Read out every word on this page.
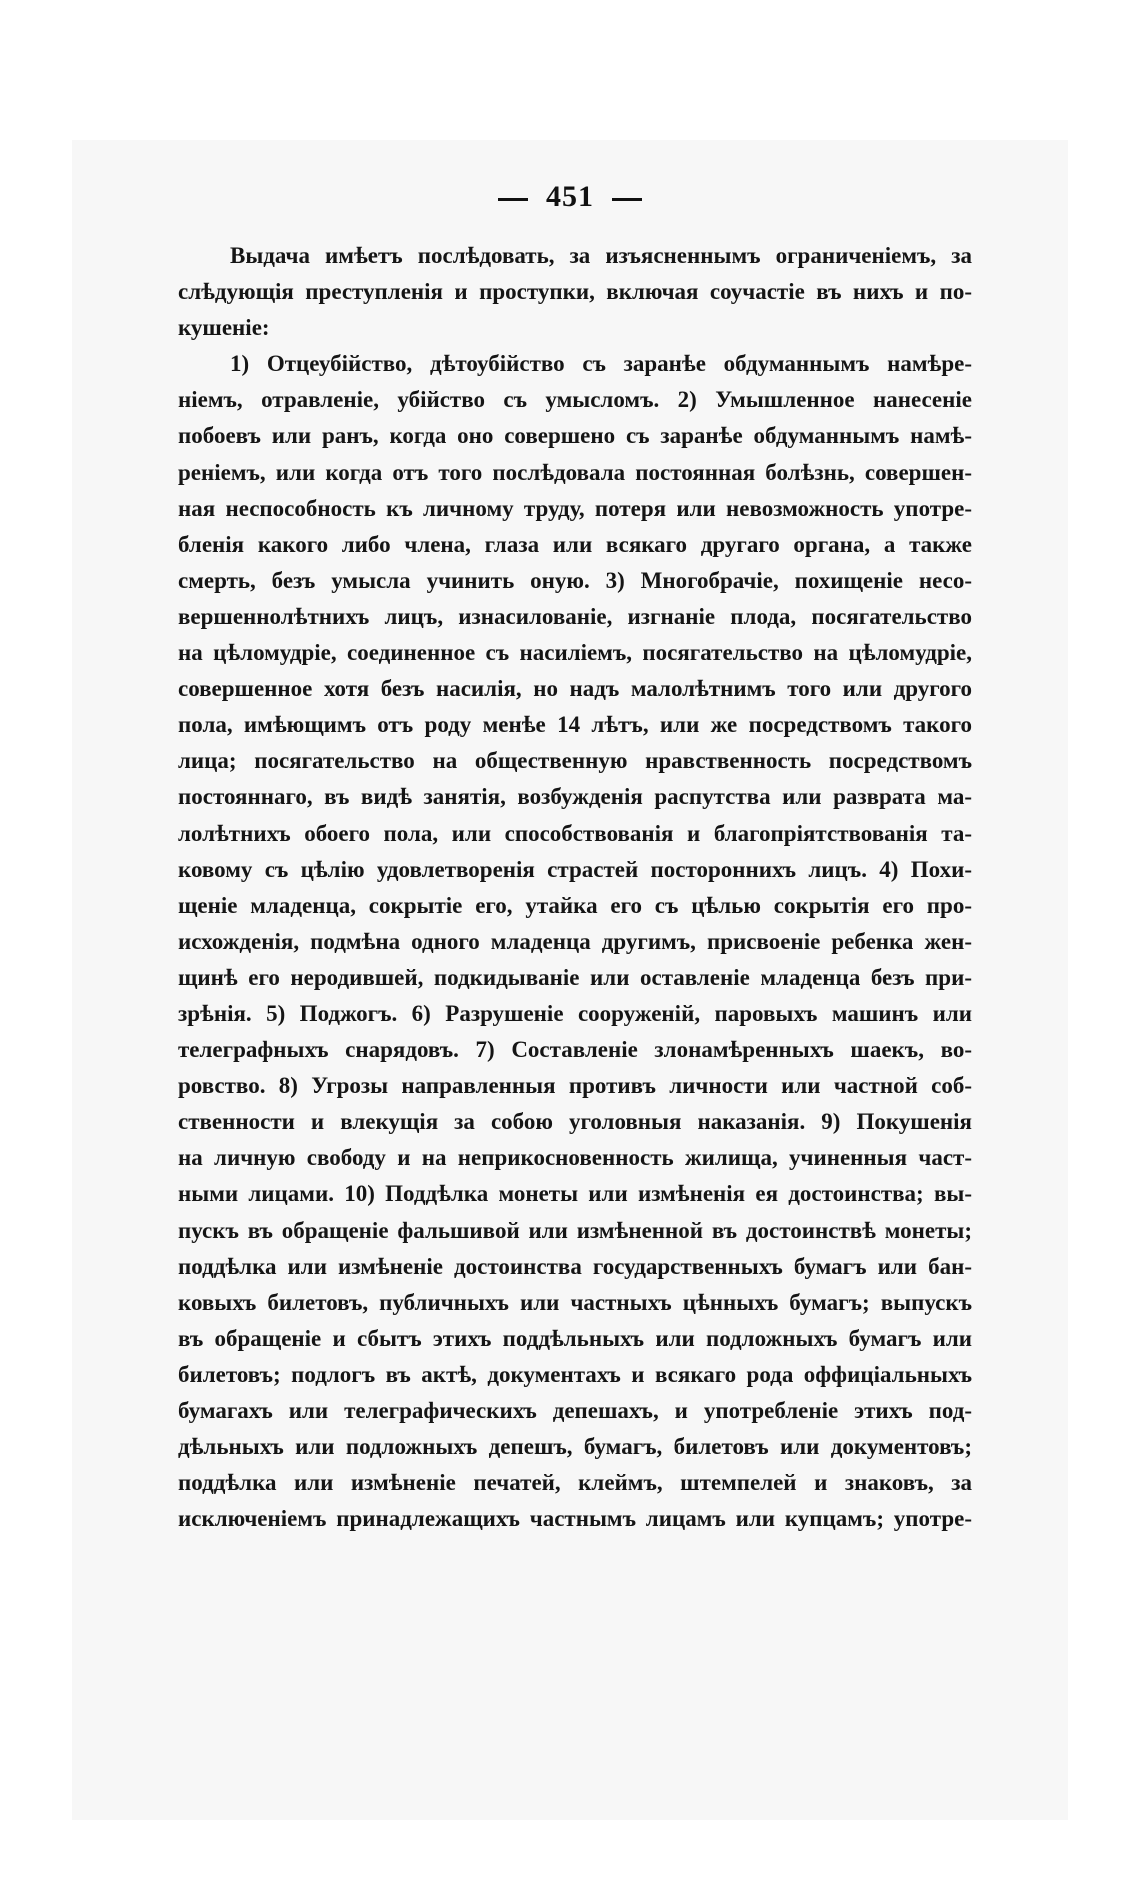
451
Выдача имѣетъ послѣдовать, за изъясненнымъ ограниченіемъ, за
слѣдующія преступленія и проступки, включая соучастіе въ нихъ и по-
кушеніе:
1) Отцеубійство, дѣтоубійство съ заранѣе обдуманнымъ намѣре-
ніемъ, отравленіе, убійство съ умысломъ. 2) Умышленное нанесеніе
побоевъ или ранъ, когда оно совершено съ заранѣе обдуманнымъ намѣ-
реніемъ, или когда отъ того послѣдовала постоянная болѣзнь, совершен-
ная неспособность къ личному труду, потеря или невозможность употре-
бленія какого либо члена, глаза или всякаго другаго органа, а также
смерть, безъ умысла учинить оную. 3) Многобрачіе, похищеніе несо-
вершеннолѣтнихъ лицъ, изнасилованіе, изгнаніе плода, посягательство
на цѣломудріе, соединенное съ насиліемъ, посягательство на цѣломудріе,
совершенное хотя безъ насилія, но надъ малолѣтнимъ того или другого
пола, имѣющимъ отъ роду менѣе 14 лѣтъ, или же посредствомъ такого
лица; посягательство на общественную нравственность посредствомъ
постояннаго, въ видѣ занятія, возбужденія распутства или разврата ма-
лолѣтнихъ обоего пола, или способствованія и благопріятствованія та-
ковому съ цѣлію удовлетворенія страстей постороннихъ лицъ. 4) Похи-
щеніе младенца, сокрытіе его, утайка его съ цѣлью сокрытія его про-
исхожденія, подмѣна одного младенца другимъ, присвоеніе ребенка жен-
щинѣ его неродившей, подкидываніе или оставленіе младенца безъ при-
зрѣнія. 5) Поджогъ. 6) Разрушеніе сооруженій, паровыхъ машинъ или
телеграфныхъ снарядовъ. 7) Составленіе злонамѣренныхъ шаекъ, во-
ровство. 8) Угрозы направленныя противъ личности или частной соб-
ственности и влекущія за собою уголовныя наказанія. 9) Покушенія
на личную свободу и на неприкосновенность жилища, учиненныя част-
ными лицами. 10) Поддѣлка монеты или измѣненія ея достоинства; вы-
пускъ въ обращеніе фальшивой или измѣненной въ достоинствѣ монеты;
поддѣлка или измѣненіе достоинства государственныхъ бумагъ или бан-
ковыхъ билетовъ, публичныхъ или частныхъ цѣнныхъ бумагъ; выпускъ
въ обращеніе и сбытъ этихъ поддѣльныхъ или подложныхъ бумагъ или
билетовъ; подлогъ въ актѣ, документахъ и всякаго рода оффиціальныхъ
бумагахъ или телеграфическихъ депешахъ, и употребленіе этихъ под-
дѣльныхъ или подложныхъ депешъ, бумагъ, билетовъ или документовъ;
поддѣлка или измѣненіе печатей, клеймъ, штемпелей и знаковъ, за
исключеніемъ принадлежащихъ частнымъ лицамъ или купцамъ; употре-
